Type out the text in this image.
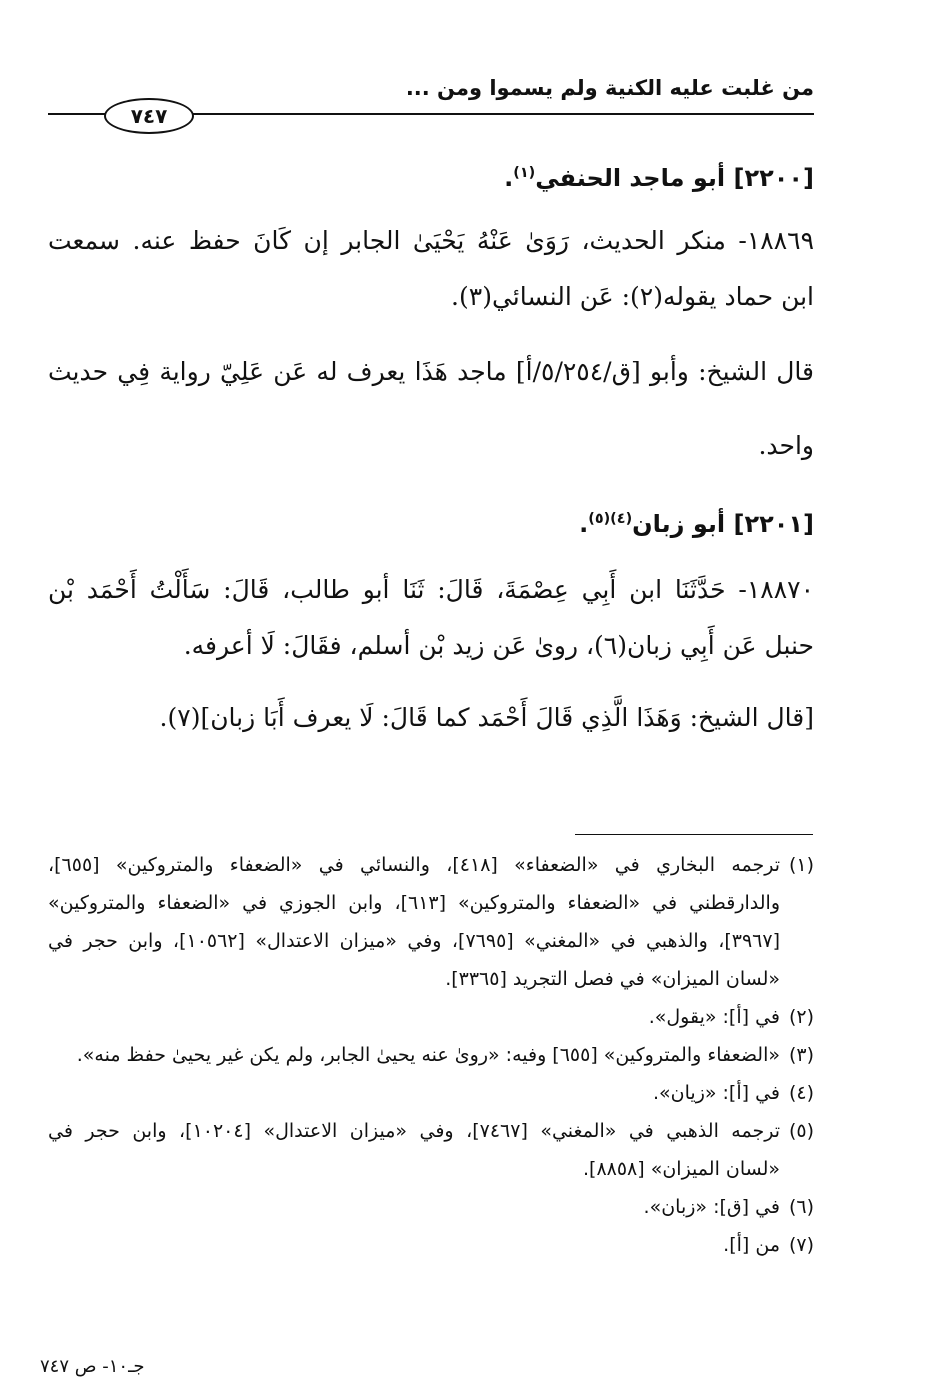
من غلبت عليه الكنية ولم يسموا ومن ...
٧٤٧
[٢٢٠٠] أبو ماجد الحنفي$^{(١)}$.
١٨٨٦٩- منكر الحديث، رَوَىٰ عَنْهُ يَحْيَىٰ الجابر إن كَانَ حفظ عنه. سمعت
ابن حماد يقوله(٢): عَن النسائي(٣).
قال الشيخ: وأبو [ق/٥/٢٥٤/أ] ماجد هَذَا يعرف له عَن عَلِيّ رواية فِي حديث
واحد.
[٢٢٠١] أبو زبان$^{(٤)(٥)}$.
١٨٨٧٠- حَدَّثَنَا ابن أَبِي عِصْمَةَ، قَالَ: ثَنَا أبو طالب، قَالَ: سَأَلْتُ أَحْمَد بْن
حنبل عَن أَبِي زبان(٦)، روىٰ عَن زيد بْن أسلم، فقَالَ: لَا أعرفه.
[قال الشيخ: وَهَذَا الَّذِي قَالَ أَحْمَد كما قَالَ: لَا يعرف أَبَا زبان](٧).
(١)
ترجمه البخاري في «الضعفاء» [٤١٨]، والنسائي في «الضعفاء والمتروكين» [٦٥٥]،
والدارقطني في «الضعفاء والمتروكين» [٦١٣]، وابن الجوزي في «الضعفاء والمتروكين»
[٣٩٦٧]، والذهبي في «المغني» [٧٦٩٥]، وفي «ميزان الاعتدال» [١٠٥٦٢]، وابن حجر في
«لسان الميزان» في فصل التجريد [٣٣٦٥].
(٢)
في [أ]: «يقول».
(٣)
«الضعفاء والمتروكين» [٦٥٥] وفيه: «روىٰ عنه يحيىٰ الجابر، ولم يكن غير يحيىٰ حفظ منه».
(٤)
في [أ]: «زيان».
(٥)
ترجمه الذهبي في «المغني» [٧٤٦٧]، وفي «ميزان الاعتدال» [١٠٢٠٤]، وابن حجر في
«لسان الميزان» [٨٨٥٨].
(٦)
في [ق]: «زبان».
(٧)
من [أ].
جـ١٠- ص ٧٤٧
